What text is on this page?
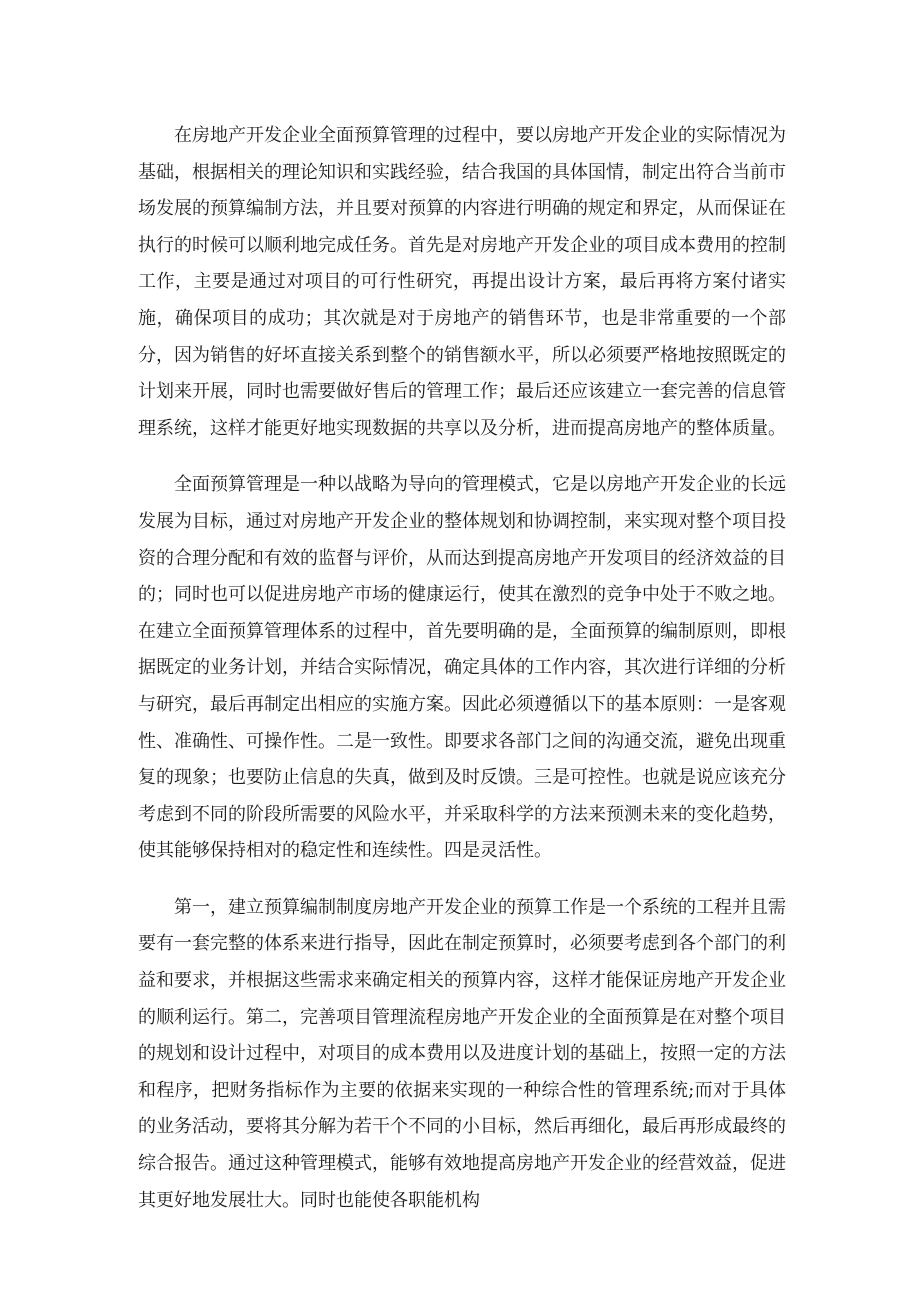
在房地产开发企业全面预算管理的过程中，要以房地产开发企业的实际情况为基础，根据相关的理论知识和实践经验，结合我国的具体国情，制定出符合当前市场发展的预算编制方法，并且要对预算的内容进行明确的规定和界定，从而保证在执行的时候可以顺利地完成任务。首先是对房地产开发企业的项目成本费用的控制工作，主要是通过对项目的可行性研究，再提出设计方案，最后再将方案付诸实施，确保项目的成功；其次就是对于房地产的销售环节，也是非常重要的一个部分，因为销售的好坏直接关系到整个的销售额水平，所以必须要严格地按照既定的计划来开展，同时也需要做好售后的管理工作；最后还应该建立一套完善的信息管理系统，这样才能更好地实现数据的共享以及分析，进而提高房地产的整体质量。

全面预算管理是一种以战略为导向的管理模式，它是以房地产开发企业的长远发展为目标，通过对房地产开发企业的整体规划和协调控制，来实现对整个项目投资的合理分配和有效的监督与评价，从而达到提高房地产开发项目的经济效益的目的；同时也可以促进房地产市场的健康运行，使其在激烈的竞争中处于不败之地。在建立全面预算管理体系的过程中，首先要明确的是，全面预算的编制原则，即根据既定的业务计划，并结合实际情况，确定具体的工作内容，其次进行详细的分析与研究，最后再制定出相应的实施方案。因此必须遵循以下的基本原则：一是客观性、准确性、可操作性。二是一致性。即要求各部门之间的沟通交流，避免出现重复的现象；也要防止信息的失真，做到及时反馈。三是可控性。也就是说应该充分考虑到不同的阶段所需要的风险水平，并采取科学的方法来预测未来的变化趋势，使其能够保持相对的稳定性和连续性。四是灵活性。

第一，建立预算编制制度房地产开发企业的预算工作是一个系统的工程并且需要有一套完整的体系来进行指导，因此在制定预算时，必须要考虑到各个部门的利益和要求，并根据这些需求来确定相关的预算内容，这样才能保证房地产开发企业的顺利运行。第二，完善项目管理流程房地产开发企业的全面预算是在对整个项目的规划和设计过程中，对项目的成本费用以及进度计划的基础上，按照一定的方法和程序，把财务指标作为主要的依据来实现的一种综合性的管理系统;而对于具体的业务活动，要将其分解为若干个不同的小目标，然后再细化，最后再形成最终的综合报告。通过这种管理模式，能够有效地提高房地产开发企业的经营效益，促进其更好地发展壮大。同时也能使各职能机构
